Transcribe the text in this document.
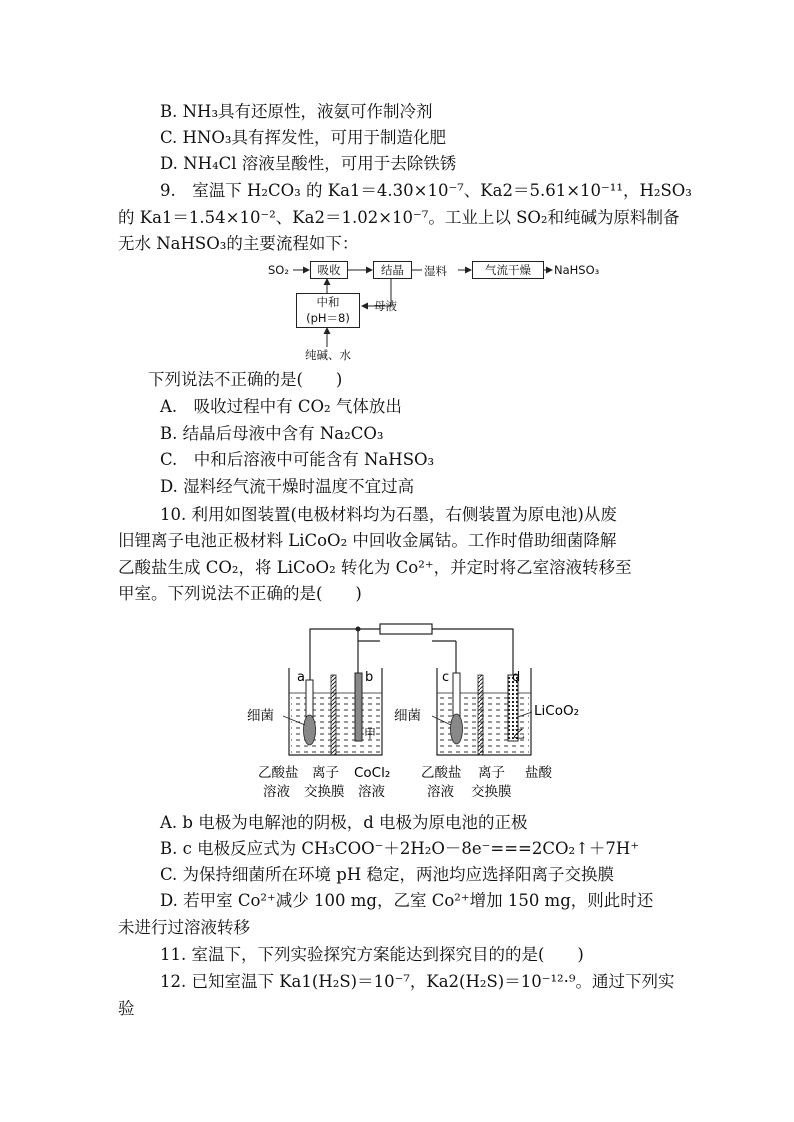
B. NH₃具有还原性，液氨可作制冷剂
C. HNO₃具有挥发性，可用于制造化肥
D. NH₄Cl 溶液呈酸性，可用于去除铁锈
9.　室温下 H₂CO₃ 的 Ka1＝4.30×10⁻⁷、Ka2＝5.61×10⁻¹¹，H₂SO₃
的 Ka1＝1.54×10⁻²、Ka2＝1.02×10⁻⁷。工业上以 SO₂和纯碱为原料制备
无水 NaHSO₃的主要流程如下：
SO₂	吸收	结晶	湿料	气流干燥	NaHSO₃
中和
(pH＝8)
母液
纯碱、水
下列说法不正确的是(　　)
A.　吸收过程中有 CO₂ 气体放出
B. 结晶后母液中含有 Na₂CO₃
C.　中和后溶液中可能含有 NaHSO₃
D. 湿料经气流干燥时温度不宜过高
10. 利用如图装置(电极材料均为石墨，右侧装置为原电池)从废
旧锂离子电池正极材料 LiCoO₂ 中回收金属钴。工作时借助细菌降解
乙酸盐生成 CO₂，将 LiCoO₂ 转化为 Co²⁺，并定时将乙室溶液转移至
甲室。下列说法不正确的是(　　)
a	b	c	d
细菌	细菌
甲	乙
LiCoO₂
乙酸盐
溶液
离子
交换膜
CoCl₂
溶液
乙酸盐
溶液
离子
交换膜
盐酸
A. b 电极为电解池的阴极，d 电极为原电池的正极
B. c 电极反应式为 CH₃COO⁻＋2H₂O－8e⁻===2CO₂↑＋7H⁺
C. 为保持细菌所在环境 pH 稳定，两池均应选择阳离子交换膜
D. 若甲室 Co²⁺减少 100 mg，乙室 Co²⁺增加 150 mg，则此时还
未进行过溶液转移
11. 室温下，下列实验探究方案能达到探究目的的是(　　)
12. 已知室温下 Ka1(H₂S)＝10⁻⁷，Ka2(H₂S)＝10⁻¹²·⁹。通过下列实
验
